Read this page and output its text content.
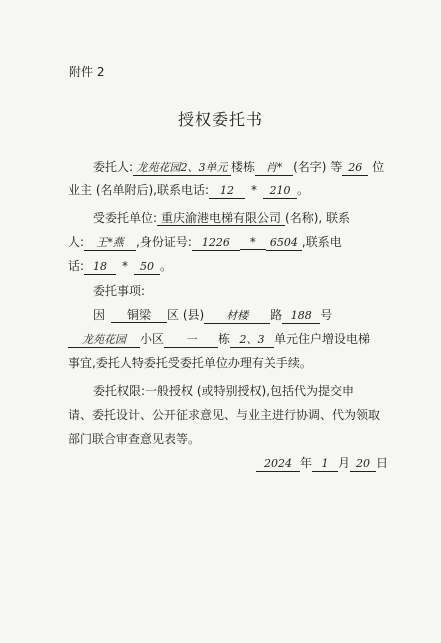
附件 2
授权委托书
委托人: 龙苑花园2、3单元 楼栋 肖* (名字) 等 26 位
业主 (名单附后),联系电话: 12 * 210 。
受委托单位: 重庆渝港电梯有限公司 (名称), 联系
人: 王*燕 ,身份证号: 1226 * 6504 ,联系电
话: 18 * 50 。
委托事项:
因 铜梁 区 (县) 材楼 路 188 号
龙苑花园 小区 一 栋 2、3 单元住户增设电梯
事宜,委托人特委托受委托单位办理有关手续。
委托权限:一般授权 (或特别授权),包括代为提交申
请、委托设计、公开征求意见、与业主进行协调、代为领取
部门联合审查意见表等。
2024 年 1 月 20 日
